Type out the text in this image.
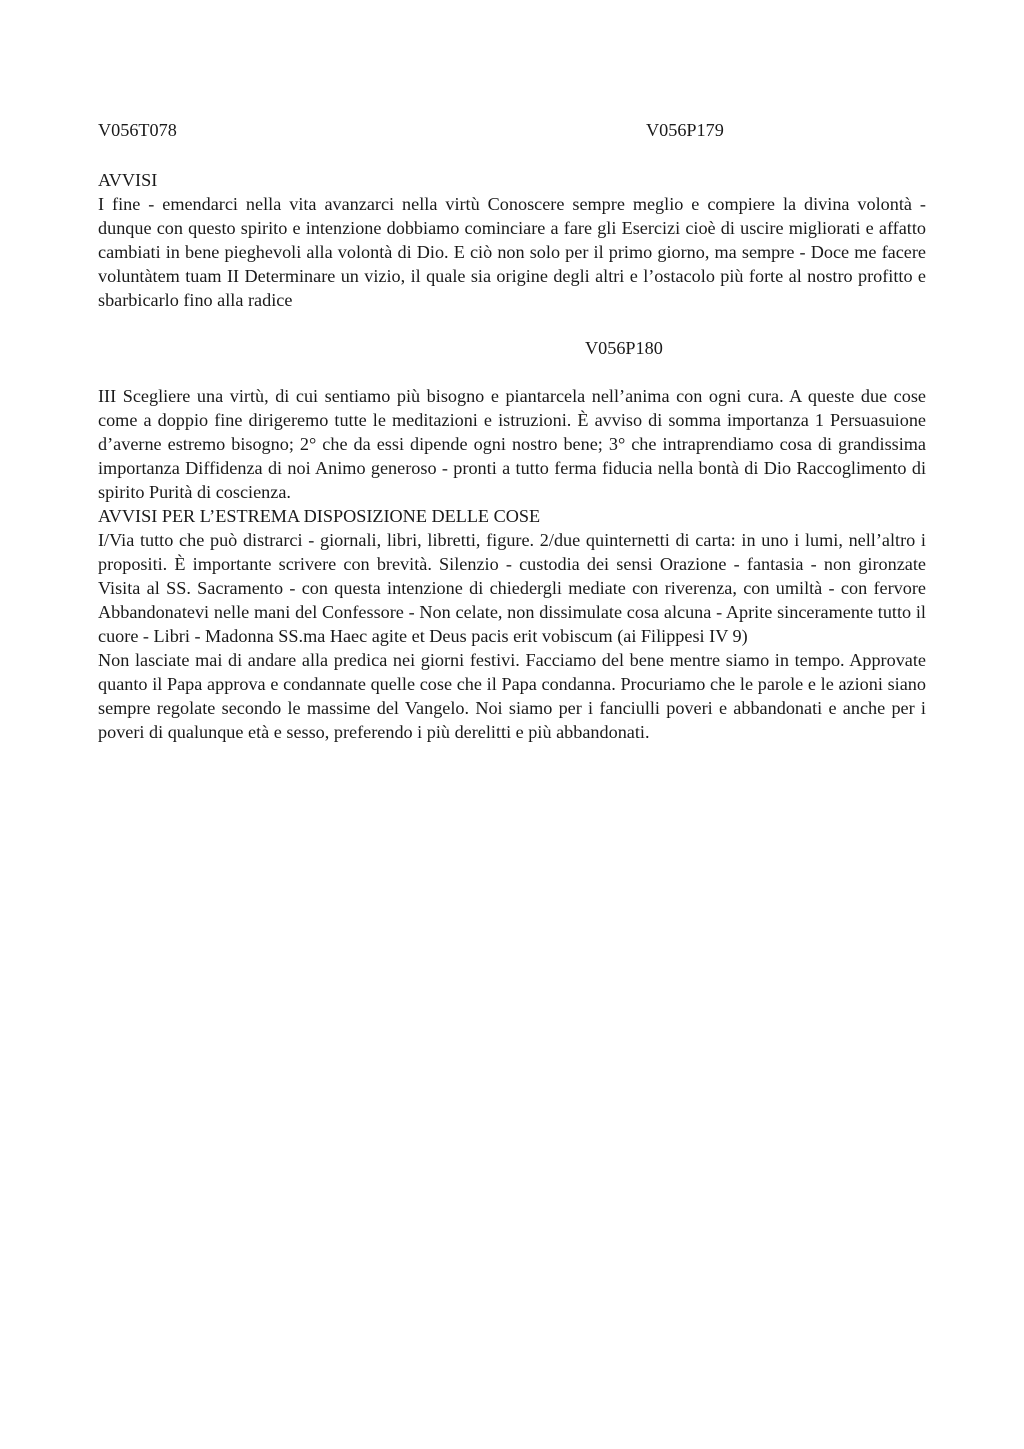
V056T078	V056P179
AVVISI

I fine - emendarci nella vita avanzarci nella virtù Conoscere sempre meglio e compiere la divina volontà - dunque con questo spirito e intenzione dobbiamo cominciare a fare gli Esercizi cioè di uscire migliorati e affatto cambiati in bene pieghevoli alla volontà di Dio. E ciò non solo per il primo giorno, ma sempre - Doce me facere voluntàtem tuam II Determinare un vizio, il quale sia origine degli altri e l’ostacolo più forte al nostro profitto e sbarbicarlo fino alla radice

V056P180

III Scegliere una virtù, di cui sentiamo più bisogno e piantarcela nell’anima con ogni cura. A queste due cose come a doppio fine dirigeremo tutte le meditazioni e istruzioni. È avviso di somma importanza 1 Persuasuione d’averne estremo bisogno; 2° che da essi dipende ogni nostro bene; 3° che intraprendiamo cosa di grandissima importanza Diffidenza di noi Animo generoso - pronti a tutto ferma fiducia nella bontà di Dio Raccoglimento di spirito Purità di coscienza.

AVVISI PER L’ESTREMA DISPOSIZIONE DELLE COSE

I/Via tutto che può distrarci - giornali, libri, libretti, figure. 2/due quinternetti di carta: in uno i lumi, nell’altro i propositi. È importante scrivere con brevità. Silenzio - custodia dei sensi Orazione - fantasia - non gironzate Visita al SS. Sacramento - con questa intenzione di chiedergli mediate con riverenza, con umiltà - con fervore Abbandonatevi nelle mani del Confessore - Non celate, non dissimulate cosa alcuna - Aprite sinceramente tutto il cuore - Libri - Madonna SS.ma Haec agite et Deus pacis erit vobiscum (ai Filippesi IV 9)

Non lasciate mai di andare alla predica nei giorni festivi. Facciamo del bene mentre siamo in tempo. Approvate quanto il Papa approva e condannate quelle cose che il Papa condanna. Procuriamo che le parole e le azioni siano sempre regolate secondo le massime del Vangelo. Noi siamo per i fanciulli poveri e abbandonati e anche per i poveri di qualunque età e sesso, preferendo i più derelitti e più abbandonati.
